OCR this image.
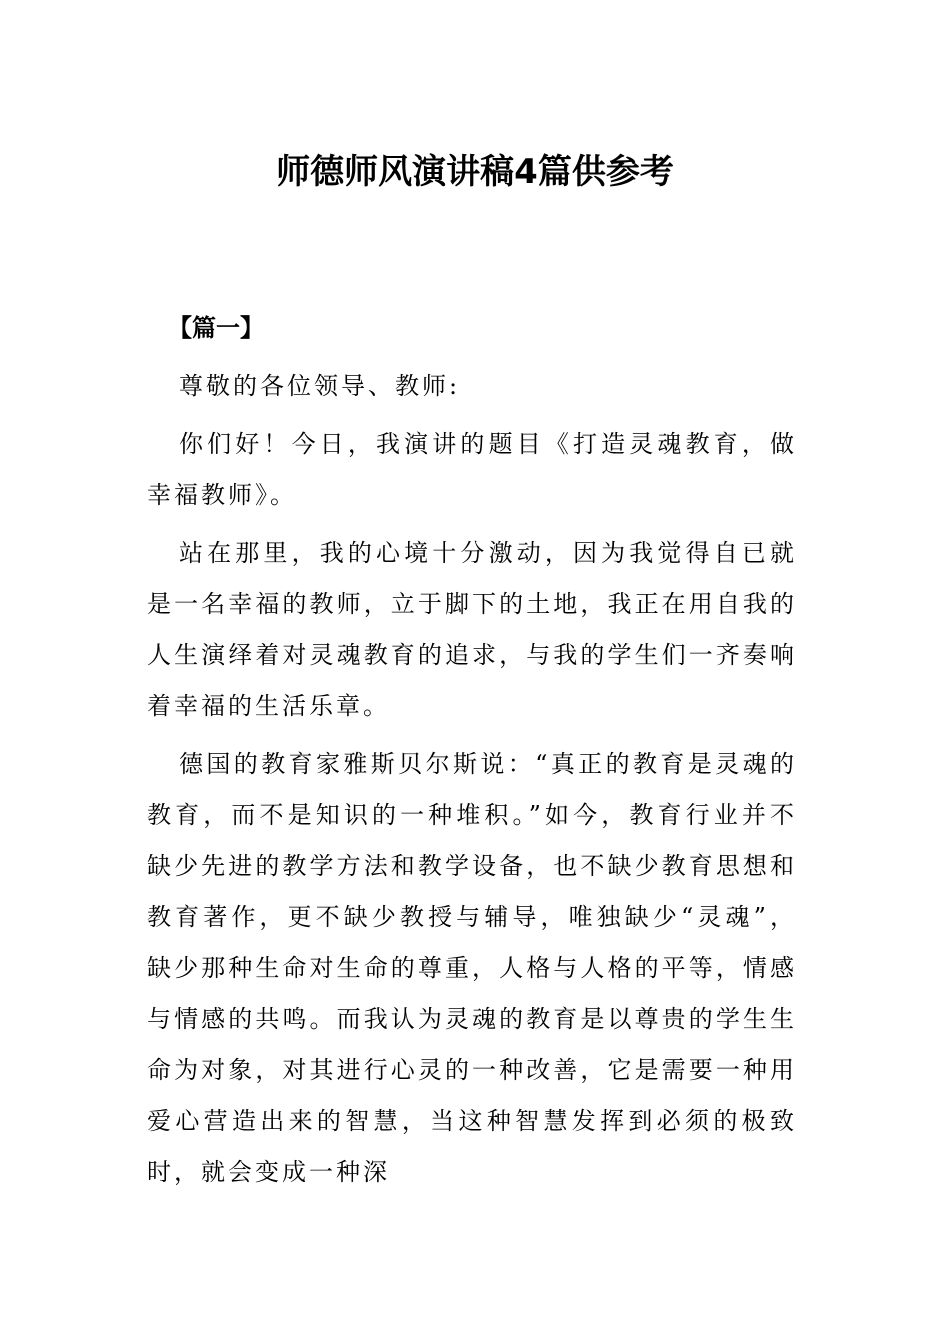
师德师风演讲稿4篇供参考
【篇一】

尊敬的各位领导、教师:

你们好！今日，我演讲的题目《打造灵魂教育，做幸福教师》。

站在那里，我的心境十分激动，因为我觉得自已就是一名幸福的教师，立于脚下的土地，我正在用自我的人生演绎着对灵魂教育的追求，与我的学生们一齐奏响着幸福的生活乐章。

德国的教育家雅斯贝尔斯说：“真正的教育是灵魂的教育，而不是知识的一种堆积。”如今，教育行业并不缺少先进的教学方法和教学设备，也不缺少教育思想和教育著作，更不缺少教授与辅导，唯独缺少“灵魂”，缺少那种生命对生命的尊重，人格与人格的平等，情感与情感的共鸣。而我认为灵魂的教育是以尊贵的学生生命为对象，对其进行心灵的一种改善，它是需要一种用爱心营造出来的智慧，当这种智慧发挥到必须的极致时，就会变成一种深
